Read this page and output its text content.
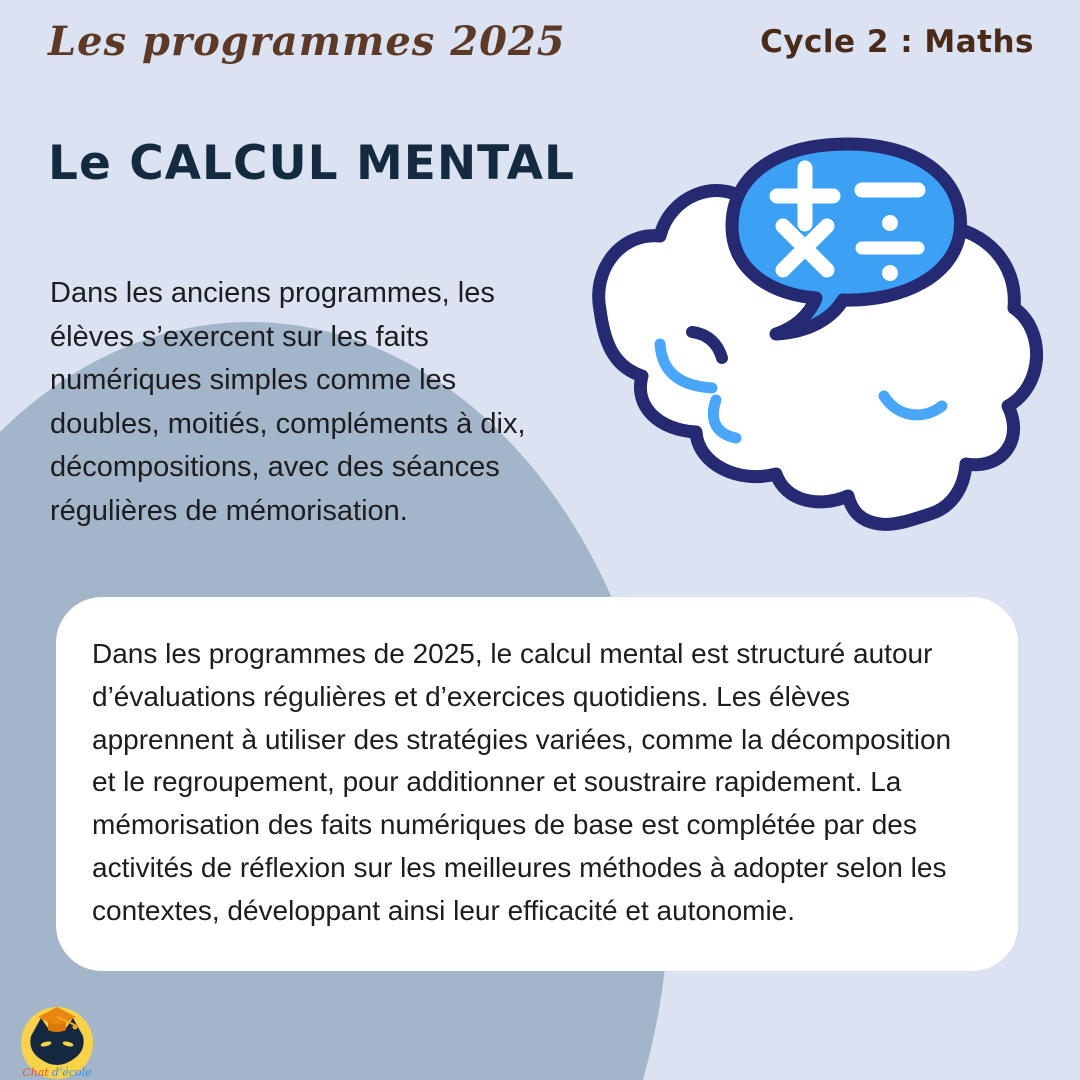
Les programmes 2025	Cycle 2 : Maths
Le CALCUL MENTAL

Dans les anciens programmes, les élèves s’exercent sur les faits numériques simples comme les doubles, moitiés, compléments à dix, décompositions, avec des séances régulières de mémorisation.

Dans les programmes de 2025, le calcul mental est structuré autour d’évaluations régulières et d’exercices quotidiens. Les élèves apprennent à utiliser des stratégies variées, comme la décomposition et le regroupement, pour additionner et soustraire rapidement. La mémorisation des faits numériques de base est complétée par des activités de réflexion sur les meilleures méthodes à adopter selon les contextes, développant ainsi leur efficacité et autonomie.

Chat d’école
